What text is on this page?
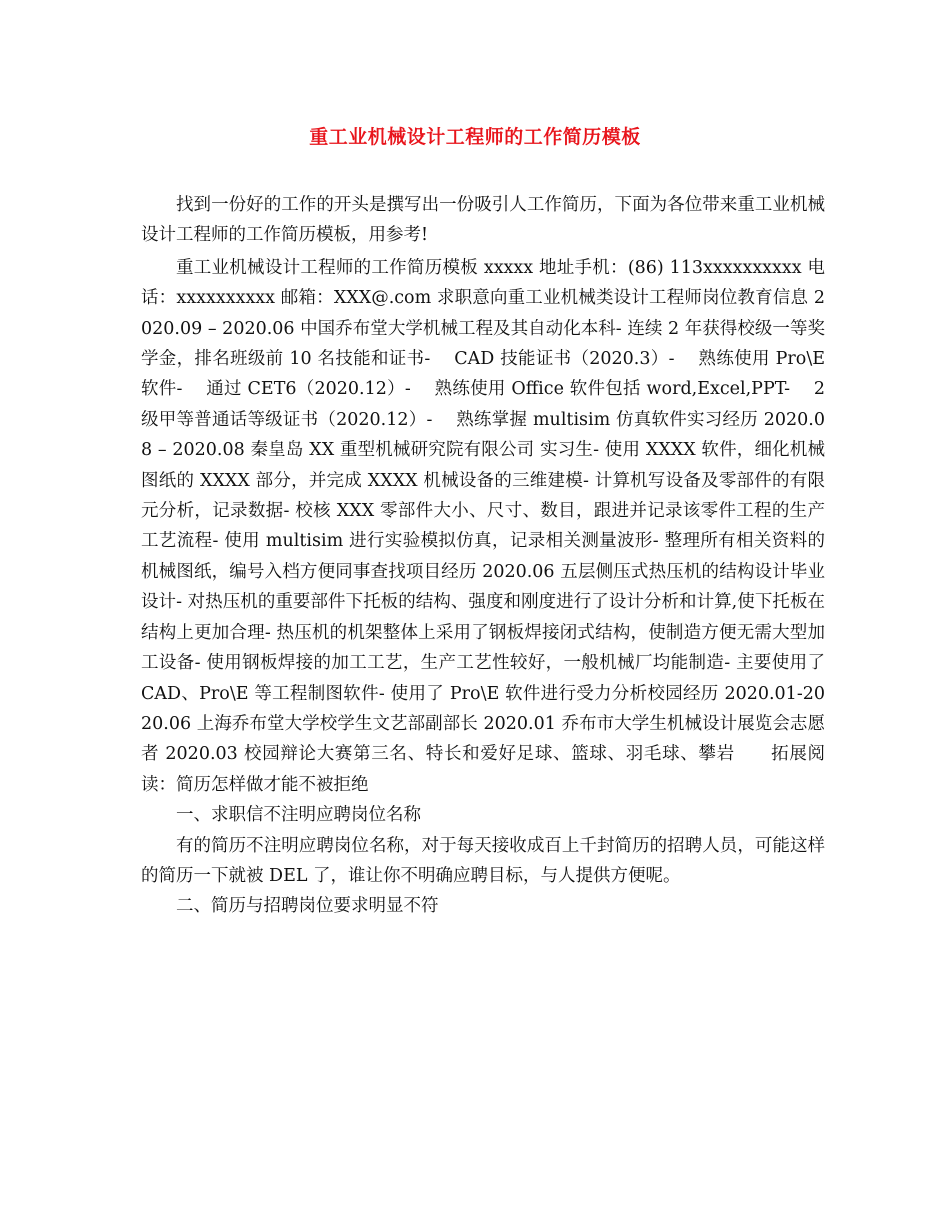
重工业机械设计工程师的工作简历模板

找到一份好的工作的开头是撰写出一份吸引人工作简历，下面为各位带来重工业机械设计工程师的工作简历模板，用参考!

重工业机械设计工程师的工作简历模板 xxxxx 地址手机：(86) 113xxxxxxxxxx 电话：xxxxxxxxxx 邮箱：XXX@.com 求职意向重工业机械类设计工程师岗位教育信息 2020.09 – 2020.06 中国乔布堂大学机械工程及其自动化本科- 连续 2 年获得校级一等奖学金，排名班级前 10 名技能和证书-　 CAD 技能证书（2020.3）-　 熟练使用 Pro\E 软件-　 通过 CET6（2020.12）-　 熟练使用 Office 软件包括 word,Excel,PPT-　 2 级甲等普通话等级证书（2020.12）-　 熟练掌握 multisim 仿真软件实习经历 2020.08 – 2020.08 秦皇岛 XX 重型机械研究院有限公司 实习生- 使用 XXXX 软件，细化机械图纸的 XXXX 部分，并完成 XXXX 机械设备的三维建模- 计算机写设备及零部件的有限元分析，记录数据- 校核 XXX 零部件大小、尺寸、数目，跟进并记录该零件工程的生产工艺流程- 使用 multisim 进行实验模拟仿真，记录相关测量波形- 整理所有相关资料的机械图纸，编号入档方便同事查找项目经历 2020.06 五层侧压式热压机的结构设计毕业设计- 对热压机的重要部件下托板的结构、强度和刚度进行了设计分析和计算,使下托板在结构上更加合理- 热压机的机架整体上采用了钢板焊接闭式结构，使制造方便无需大型加工设备- 使用钢板焊接的加工工艺，生产工艺性较好，一般机械厂均能制造- 主要使用了 CAD、Pro\E 等工程制图软件- 使用了 Pro\E 软件进行受力分析校园经历 2020.01-2020.06 上海乔布堂大学校学生文艺部副部长 2020.01 乔布市大学生机械设计展览会志愿者 2020.03 校园辩论大赛第三名、特长和爱好足球、篮球、羽毛球、攀岩　　拓展阅读：简历怎样做才能不被拒绝

一、求职信不注明应聘岗位名称

有的简历不注明应聘岗位名称，对于每天接收成百上千封简历的招聘人员，可能这样的简历一下就被 DEL 了，谁让你不明确应聘目标，与人提供方便呢。

二、简历与招聘岗位要求明显不符
